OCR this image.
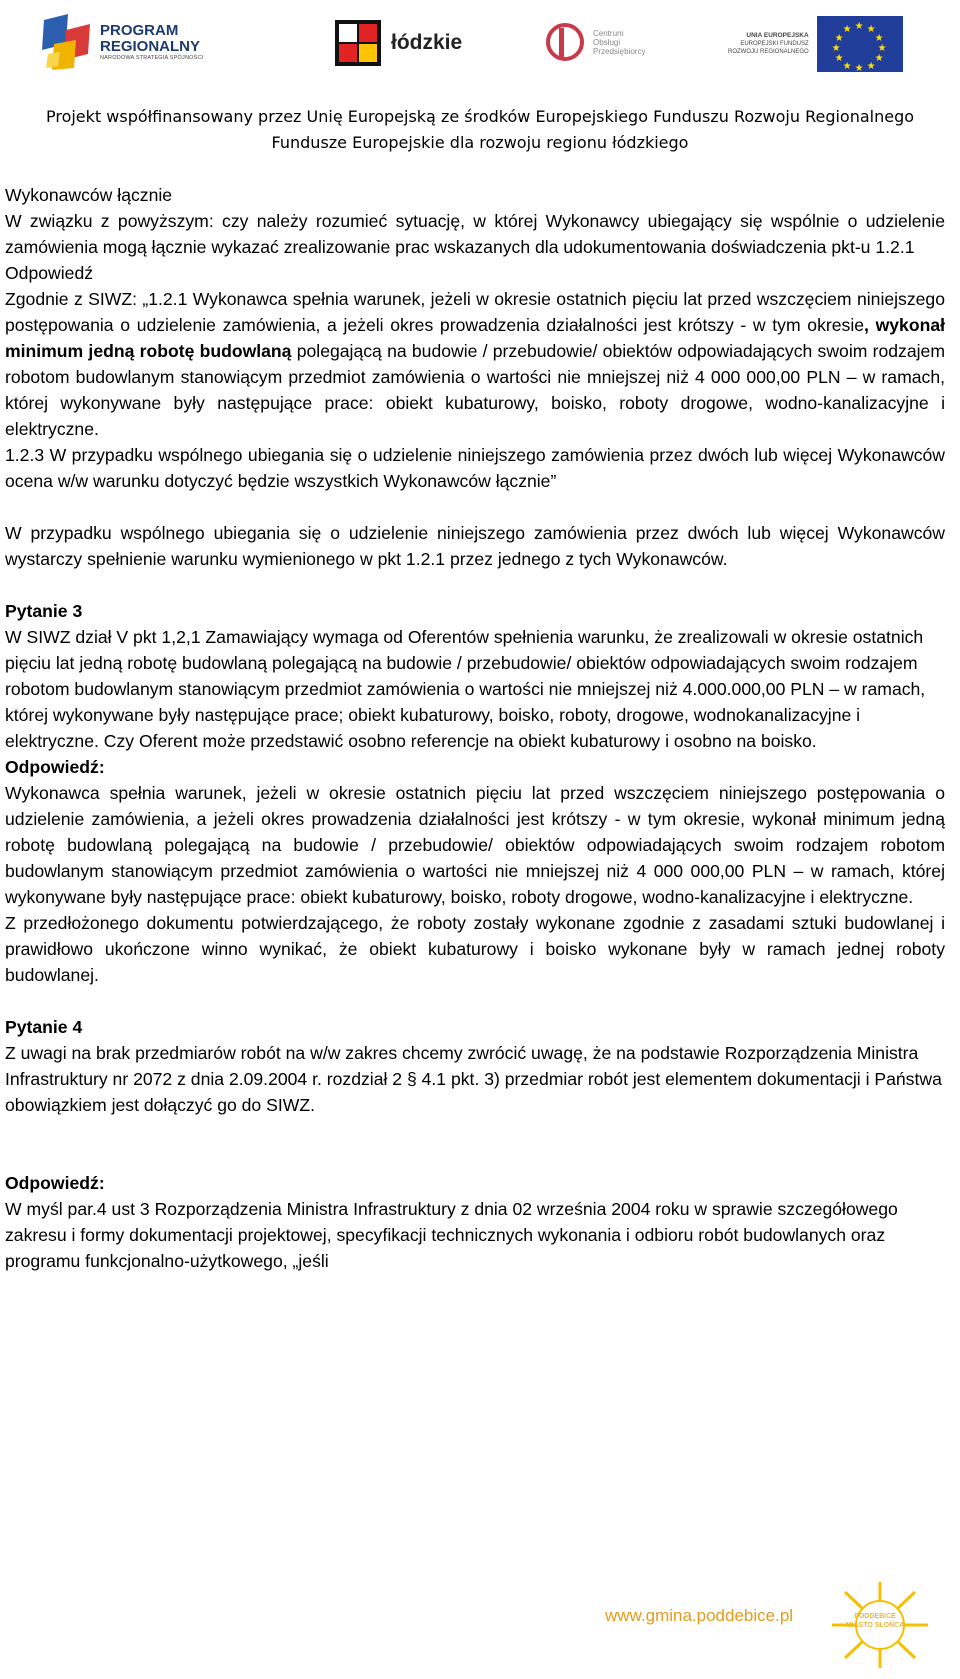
PROGRAM
REGIONALNY
NARODOWA STRATEGIA SPÓJNOŚCI
łódzkie	Centrum
Obsługi
Przedsiębiorcy
UNIA EUROPEJSKA
EUROPEJSKI FUNDUSZ
ROZWOJU REGIONALNEGO
★ ★
★
★
★
★
★
★
★
★
★
★
Projekt współfinansowany przez Unię Europejską ze środków Europejskiego Funduszu Rozwoju Regionalnego
Fundusze Europejskie dla rozwoju regionu łódzkiego

Wykonawców łącznie

W związku z powyższym: czy należy rozumieć sytuację, w której Wykonawcy ubiegający się wspólnie o udzielenie zamówienia mogą łącznie wykazać zrealizowanie prac wskazanych dla udokumentowania doświadczenia pkt-u 1.2.1

Odpowiedź

Zgodnie z SIWZ: „1.2.1 Wykonawca spełnia warunek, jeżeli w okresie ostatnich pięciu lat przed wszczęciem niniejszego postępowania o udzielenie zamówienia, a jeżeli okres prowadzenia działalności jest krótszy - w tym okresie, wykonał minimum jedną robotę budowlaną polegającą na budowie / przebudowie/ obiektów odpowiadających swoim rodzajem robotom budowlanym stanowiącym przedmiot zamówienia o wartości nie mniejszej niż 4 000 000,00 PLN – w ramach, której wykonywane były następujące prace: obiekt kubaturowy, boisko, roboty drogowe, wodno-kanalizacyjne i elektryczne.

1.2.3 W przypadku wspólnego ubiegania się o udzielenie niniejszego zamówienia przez dwóch lub więcej Wykonawców ocena w/w warunku dotyczyć będzie wszystkich Wykonawców łącznie”

W przypadku wspólnego ubiegania się o udzielenie niniejszego zamówienia przez dwóch lub więcej Wykonawców wystarczy spełnienie warunku wymienionego w pkt 1.2.1 przez jednego z tych Wykonawców.

Pytanie 3

W SIWZ dział V pkt 1,2,1 Zamawiający wymaga od Oferentów spełnienia warunku, że zrealizowali w okresie ostatnich pięciu lat jedną robotę budowlaną polegającą na budowie / przebudowie/ obiektów odpowiadających swoim rodzajem robotom budowlanym stanowiącym przedmiot zamówienia o wartości nie mniejszej niż 4.000.000,00 PLN – w ramach, której wykonywane były następujące prace; obiekt kubaturowy, boisko, roboty, drogowe, wodnokanalizacyjne i elektryczne. Czy Oferent może przedstawić osobno referencje na obiekt kubaturowy i osobno na boisko.

Odpowiedź:

Wykonawca spełnia warunek, jeżeli w okresie ostatnich pięciu lat przed wszczęciem niniejszego postępowania o udzielenie zamówienia, a jeżeli okres prowadzenia działalności jest krótszy - w tym okresie, wykonał minimum jedną robotę budowlaną polegającą na budowie / przebudowie/ obiektów odpowiadających swoim rodzajem robotom budowlanym stanowiącym przedmiot zamówienia o wartości nie mniejszej niż 4 000 000,00 PLN – w ramach, której wykonywane były następujące prace: obiekt kubaturowy, boisko, roboty drogowe, wodno-kanalizacyjne i elektryczne.

Z przedłożonego dokumentu potwierdzającego, że roboty zostały wykonane zgodnie z zasadami sztuki budowlanej i prawidłowo ukończone winno wynikać, że obiekt kubaturowy i boisko wykonane były w ramach jednej roboty budowlanej.

Pytanie 4

Z uwagi na brak przedmiarów robót na w/w zakres chcemy zwrócić uwagę, że na podstawie Rozporządzenia Ministra Infrastruktury nr 2072 z dnia 2.09.2004 r. rozdział 2 § 4.1 pkt. 3) przedmiar robót jest elementem dokumentacji i Państwa obowiązkiem jest dołączyć go do SIWZ.

Odpowiedź:

W myśl par.4 ust 3 Rozporządzenia Ministra Infrastruktury z dnia 02 września 2004 roku w sprawie szczegółowego zakresu i formy dokumentacji projektowej, specyfikacji technicznych wykonania i odbioru robót budowlanych oraz programu funkcjonalno-użytkowego, „jeśli

www.gmina.poddebice.pl	PODDĘBICE
MIASTO SŁOŃCA
